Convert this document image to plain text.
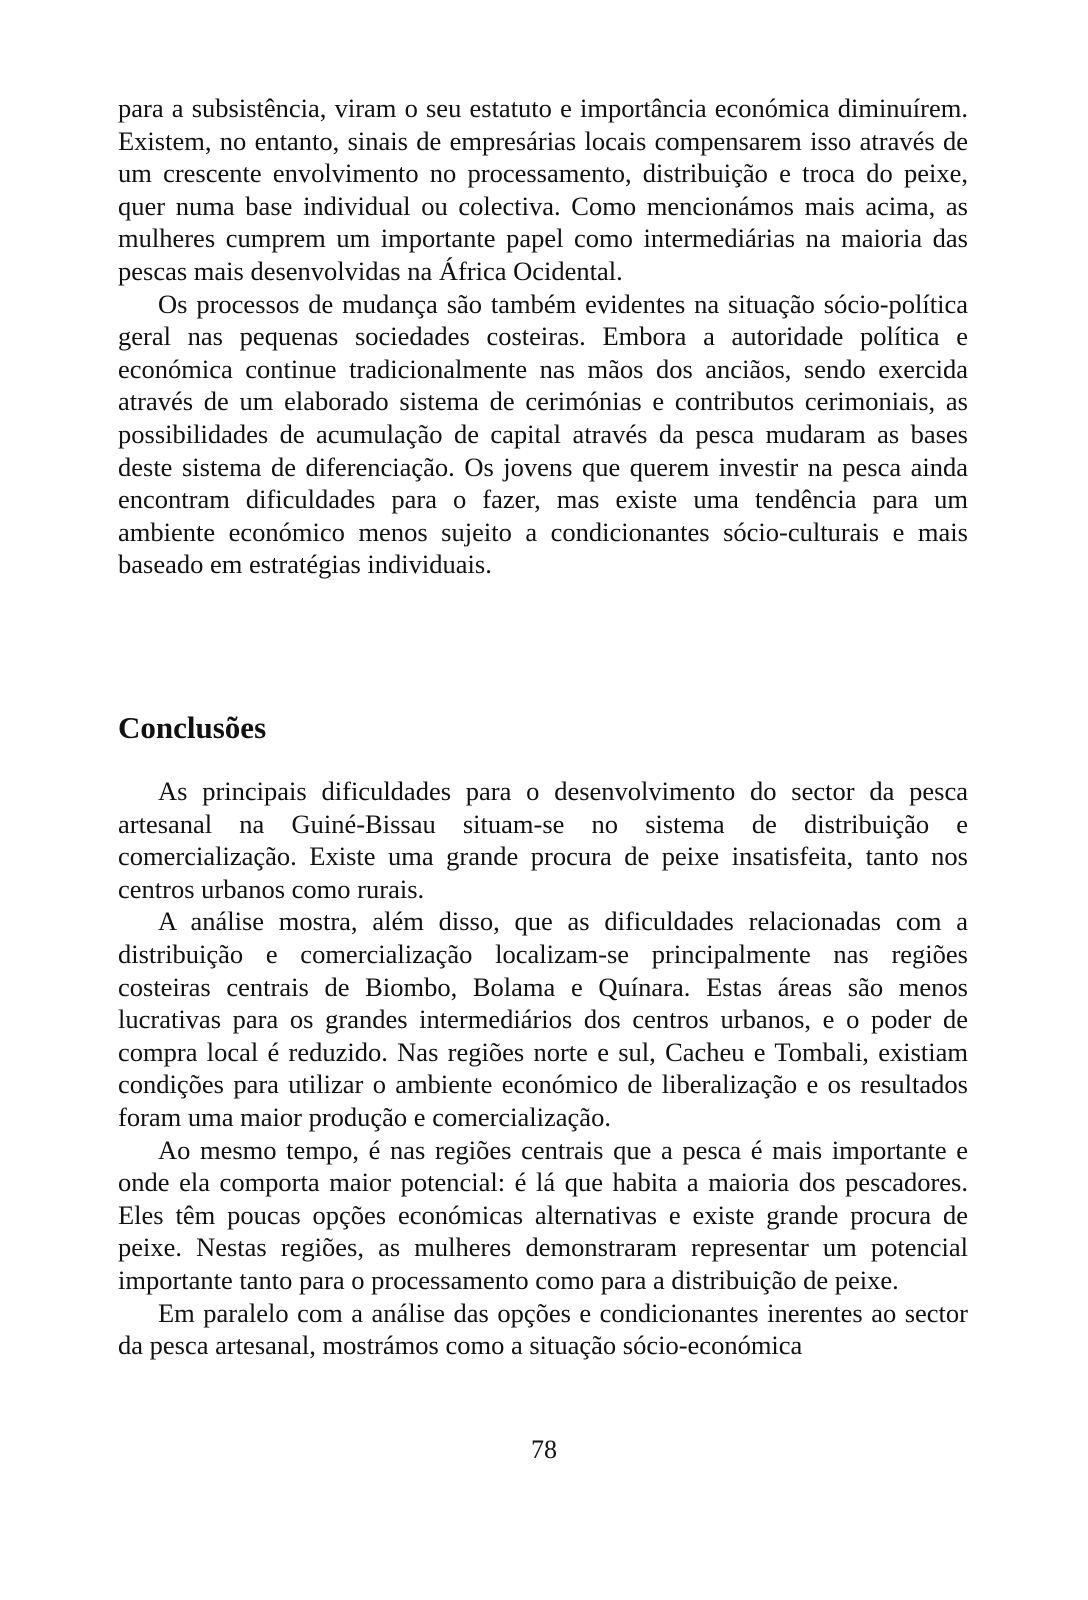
para a subsistência, viram o seu estatuto e importância económica diminuírem. Existem, no entanto, sinais de empresárias locais compensarem isso através de um crescente envolvimento no processamento, distribuição e troca do peixe, quer numa base individual ou colectiva. Como mencionámos mais acima, as mulheres cumprem um importante papel como intermediárias na maioria das pescas mais desenvolvidas na África Ocidental.

Os processos de mudança são também evidentes na situação sócio-política geral nas pequenas sociedades costeiras. Embora a autoridade política e económica continue tradicionalmente nas mãos dos anciãos, sendo exercida através de um elaborado sistema de cerimónias e contributos cerimoniais, as possibilidades de acumulação de capital através da pesca mudaram as bases deste sistema de diferenciação. Os jovens que querem investir na pesca ainda encontram dificuldades para o fazer, mas existe uma tendência para um ambiente económico menos sujeito a condicionantes sócio-culturais e mais baseado em estratégias individuais.

Conclusões

As principais dificuldades para o desenvolvimento do sector da pesca artesanal na Guiné-Bissau situam-se no sistema de distribuição e comercialização. Existe uma grande procura de peixe insatisfeita, tanto nos centros urbanos como rurais.

A análise mostra, além disso, que as dificuldades relacionadas com a distribuição e comercialização localizam-se principalmente nas regiões costeiras centrais de Biombo, Bolama e Quínara. Estas áreas são menos lucrativas para os grandes intermediários dos centros urbanos, e o poder de compra local é reduzido. Nas regiões norte e sul, Cacheu e Tombali, existiam condições para utilizar o ambiente económico de liberalização e os resultados foram uma maior produção e comercialização.

Ao mesmo tempo, é nas regiões centrais que a pesca é mais importante e onde ela comporta maior potencial: é lá que habita a maioria dos pescadores. Eles têm poucas opções económicas alternativas e existe grande procura de peixe. Nestas regiões, as mulheres demonstraram representar um potencial importante tanto para o processamento como para a distribuição de peixe.

Em paralelo com a análise das opções e condicionantes inerentes ao sector da pesca artesanal, mostrámos como a situação sócio-económica

78
